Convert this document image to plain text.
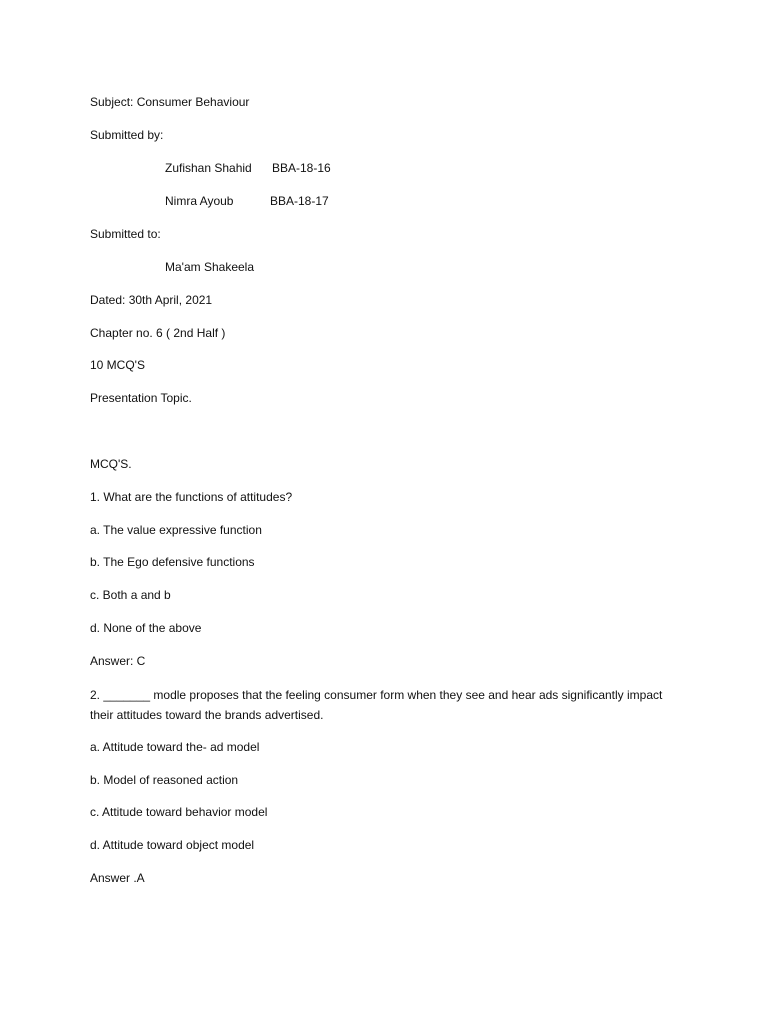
Subject: Consumer Behaviour
Submitted by:
Zufishan Shahid BBA-18-16
Nimra Ayoub	BBA-18-17
Submitted to:
Ma'am Shakeela
Dated: 30th April, 2021
Chapter no. 6 ( 2nd Half )
10 MCQ'S
Presentation Topic.
MCQ'S.
1. What are the functions of attitudes?
a. The value expressive function
b. The Ego defensive functions
c. Both a and b
d. None of the above
Answer: C
2. _______ modle proposes that the feeling consumer form when they see and hear ads significantly impact their attitudes toward the brands advertised.
a. Attitude toward the- ad model
b. Model of reasoned action
c. Attitude toward behavior model
d. Attitude toward object model
Answer .A
